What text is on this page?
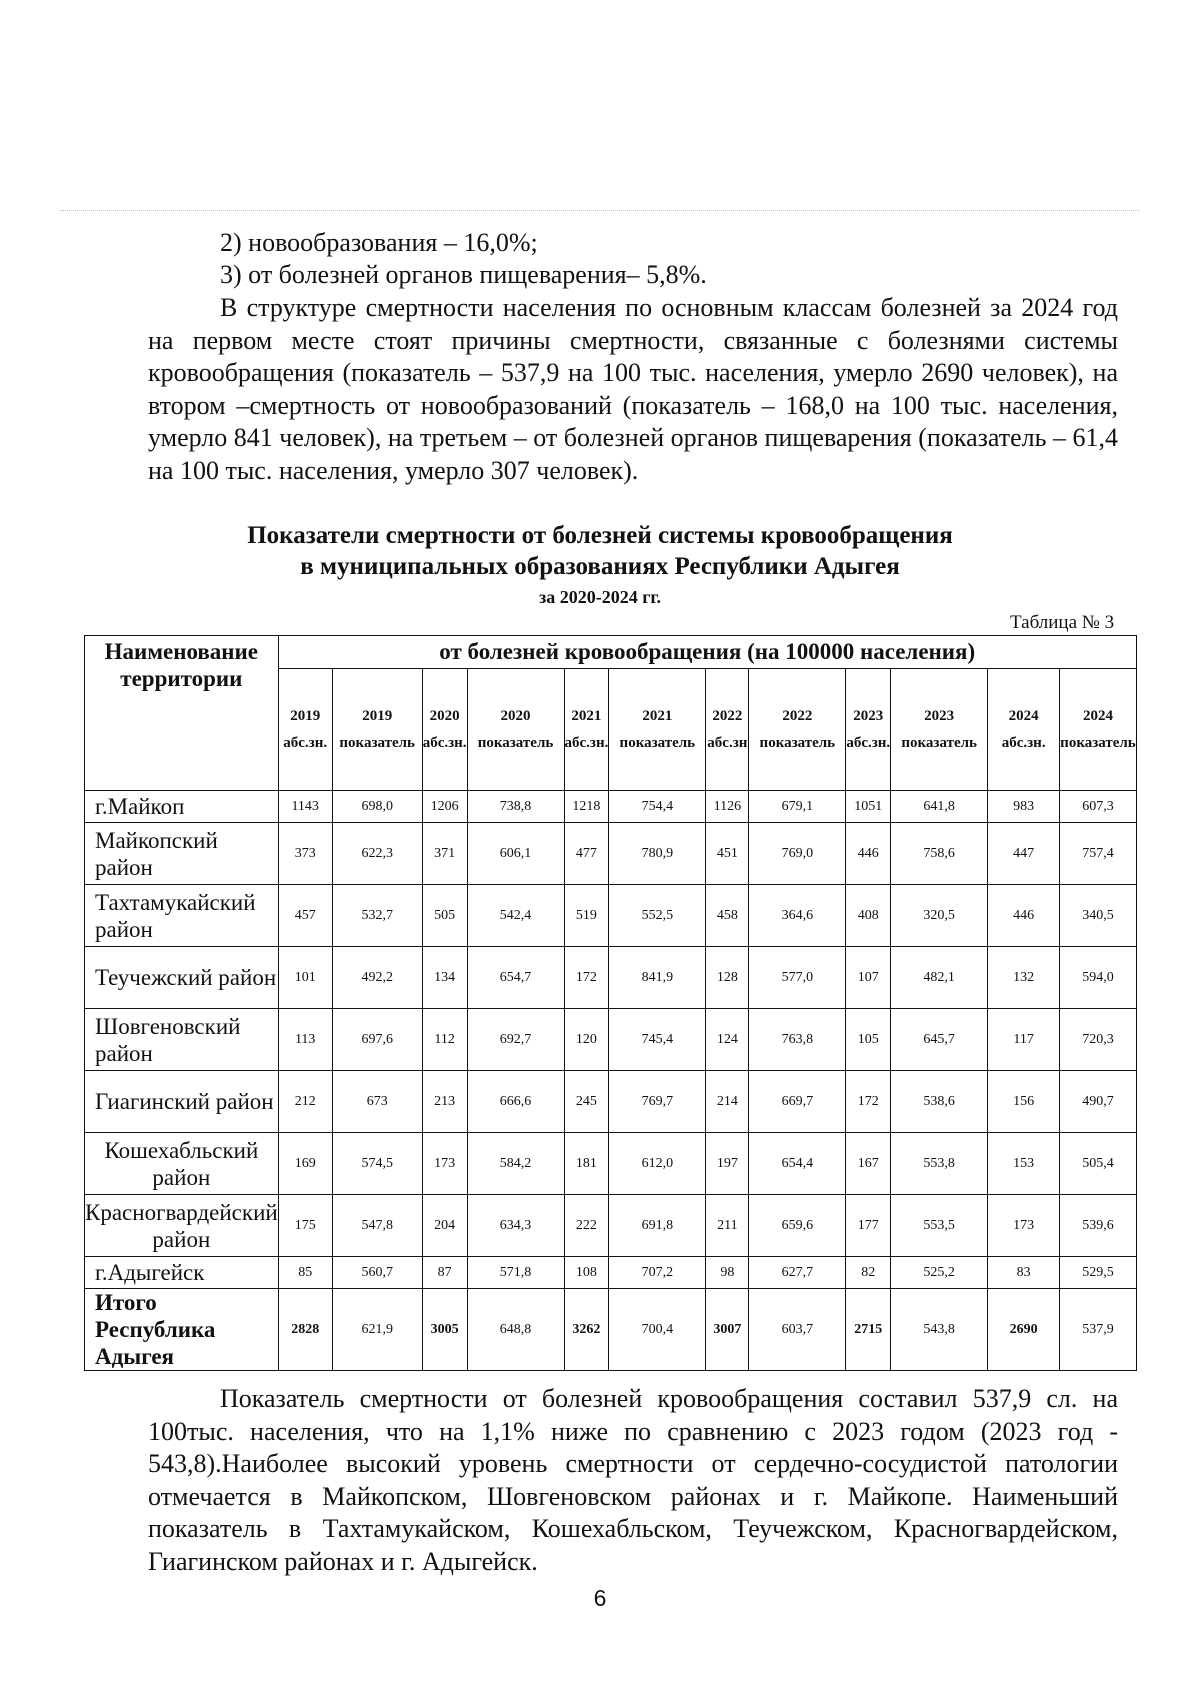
2) новообразования – 16,0%;
3) от болезней органов пищеварения– 5,8%.
В структуре смертности населения по основным классам болезней за 2024 год на первом месте стоят причины смертности, связанные с болезнями системы кровообращения (показатель – 537,9 на 100 тыс. населения, умерло 2690 человек), на втором –смертность от новообразований (показатель – 168,0 на 100 тыс. населения, умерло 841 человек), на третьем – от болезней органов пищеварения (показатель – 61,4 на 100 тыс. населения, умерло 307 человек).
Показатели смертности от болезней системы кровообращения
в муниципальных образованиях Республики Адыгея
за 2020-2024 гг.
Таблица № 3
Наименование территории	от болезней кровообращения (на 100000 населения)											
	2019 абс.зн.	2019 показатель	2020 абс.зн.	2020 показатель	2021 абс.зн.	2021 показатель	2022 абс.зн	2022 показатель	2023 абс.зн.	2023 показатель	2024 абс.зн.	2024 показатель
г.Майкоп	1143	698,0	1206	738,8	1218	754,4	1126	679,1	1051	641,8	983	607,3
Майкопский район	373	622,3	371	606,1	477	780,9	451	769,0	446	758,6	447	757,4
Тахтамукайский район	457	532,7	505	542,4	519	552,5	458	364,6	408	320,5	446	340,5
Теучежский район	101	492,2	134	654,7	172	841,9	128	577,0	107	482,1	132	594,0
Шовгеновский район	113	697,6	112	692,7	120	745,4	124	763,8	105	645,7	117	720,3
Гиагинский район	212	673	213	666,6	245	769,7	214	669,7	172	538,6	156	490,7
Кошехабльский район	169	574,5	173	584,2	181	612,0	197	654,4	167	553,8	153	505,4
Красногвардейский район	175	547,8	204	634,3	222	691,8	211	659,6	177	553,5	173	539,6
г.Адыгейск	85	560,7	87	571,8	108	707,2	98	627,7	82	525,2	83	529,5
Итого Республика Адыгея	2828	621,9	3005	648,8	3262	700,4	3007	603,7	2715	543,8	2690	537,9
Показатель смертности от болезней кровообращения составил 537,9 сл. на 100тыс. населения, что на 1,1% ниже по сравнению с 2023 годом (2023 год - 543,8).Наиболее высокий уровень смертности от сердечно-сосудистой патологии отмечается в Майкопском, Шовгеновском районах и г. Майкопе. Наименьший показатель в Тахтамукайском, Кошехабльском, Теучежском, Красногвардейском, Гиагинском районах и г. Адыгейск.
6
